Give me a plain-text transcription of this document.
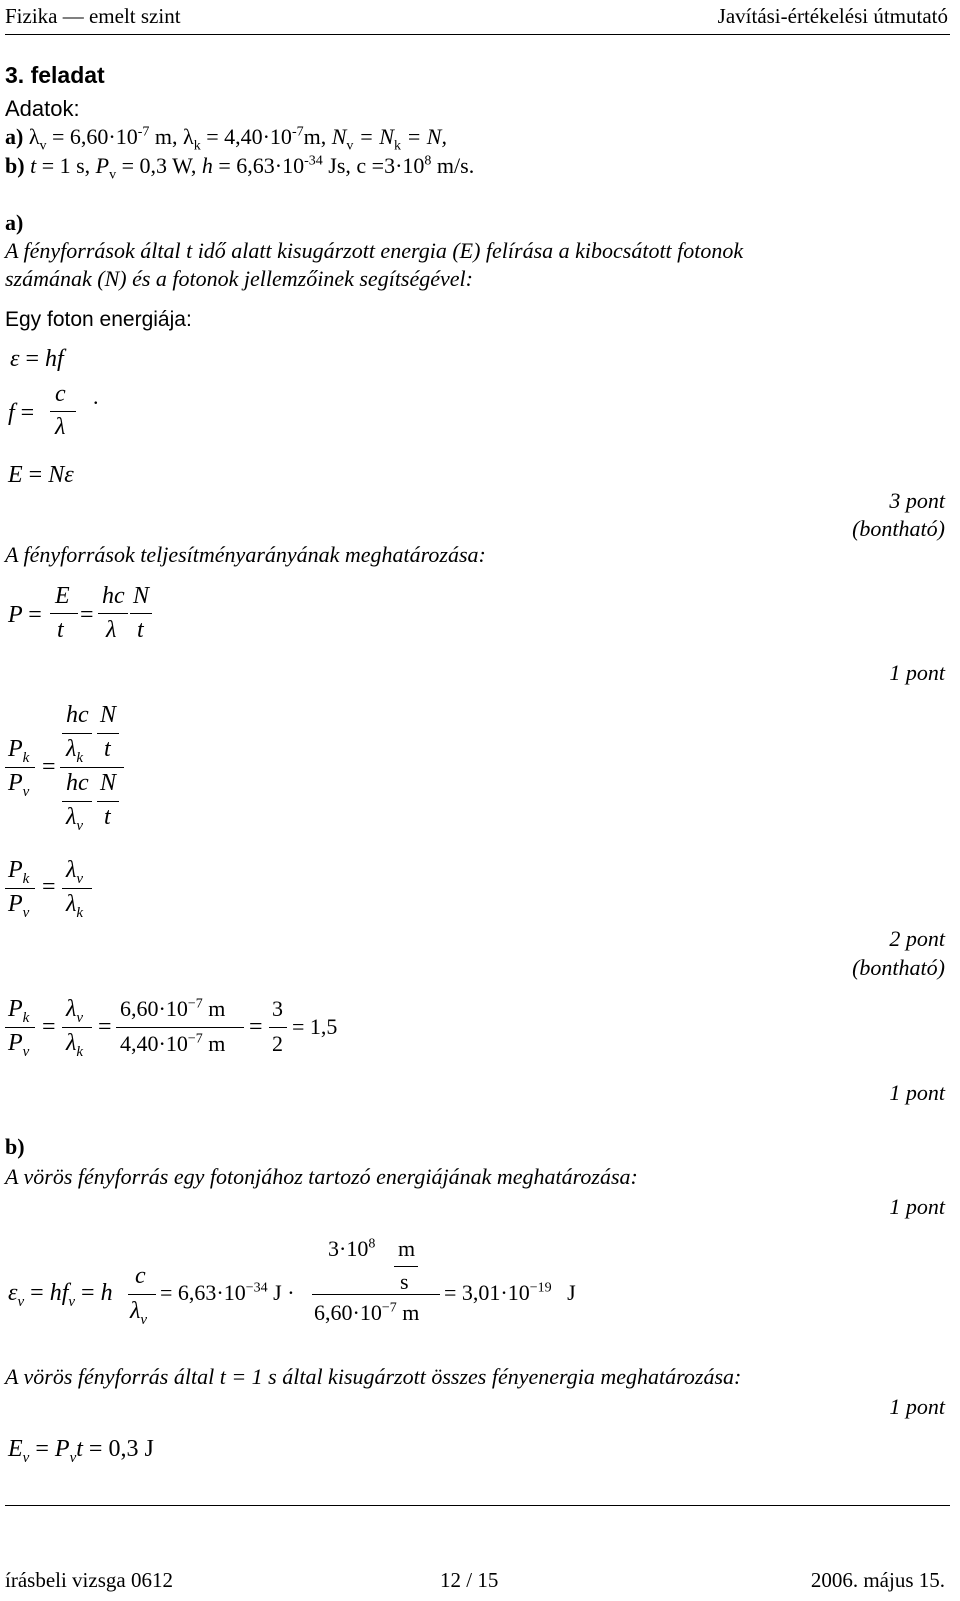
Fizika — emelt szint	Javítási-értékelési útmutató
3. feladat
Adatok:
a) $\lambda_v = 6,60\cdot 10^{-7}$ m, $\lambda_k = 4,40\cdot 10^{-7}m$, $N_v = N_k = N$,
b) t = 1 s, $P_v = 0,3$ W, $h = 6,63\cdot 10^{-34}$ Js, $c =3\cdot 10^8$ m/s.
a)
A fényforrások által t idő alatt kisugárzott energia (E) felírása a kibocsátott fotonok
számának (N) és a fotonok jellemzőinek segítségével:
Egy foton energiája:
ε = hf
f =
c
λ
.
E = Nε
3 pont
(bontható)
A fényforrások teljesítményarányának meghatározása:
P =
E
t
=
hc
λ
N
t
1 pont
$P_k$
$P_v$
=
hc
$\lambda_k$
N
t
hc
$\lambda_v$
N
t
$P_k$
$P_v$
=
$\lambda_v$
$\lambda_k$
2 pont
(bontható)
$P_k$
$P_v$
=
$\lambda_v$
$\lambda_k$
=
$6,60\cdot 10^{-7}$ m
$4,40\cdot 10^{-7}$ m
=
3
2
= 1,5
1 pont
b)
A vörös fényforrás egy fotonjához tartozó energiájának meghatározása:
1 pont
$\varepsilon_v = hf_v = h$
c
$\lambda_v$
= $6,63\cdot 10^{-34}$ J ·
$3\cdot 10^8$ m
s
$6,60\cdot 10^{-7}$ m
= $3,01\cdot 10^{-19}$ J
A vörös fényforrás által t = 1 s által kisugárzott összes fényenergia meghatározása:
1 pont
$E_v = P_vt = 0,3$ J
írásbeli vizsga 0612	12 / 15	2006. május 15.
